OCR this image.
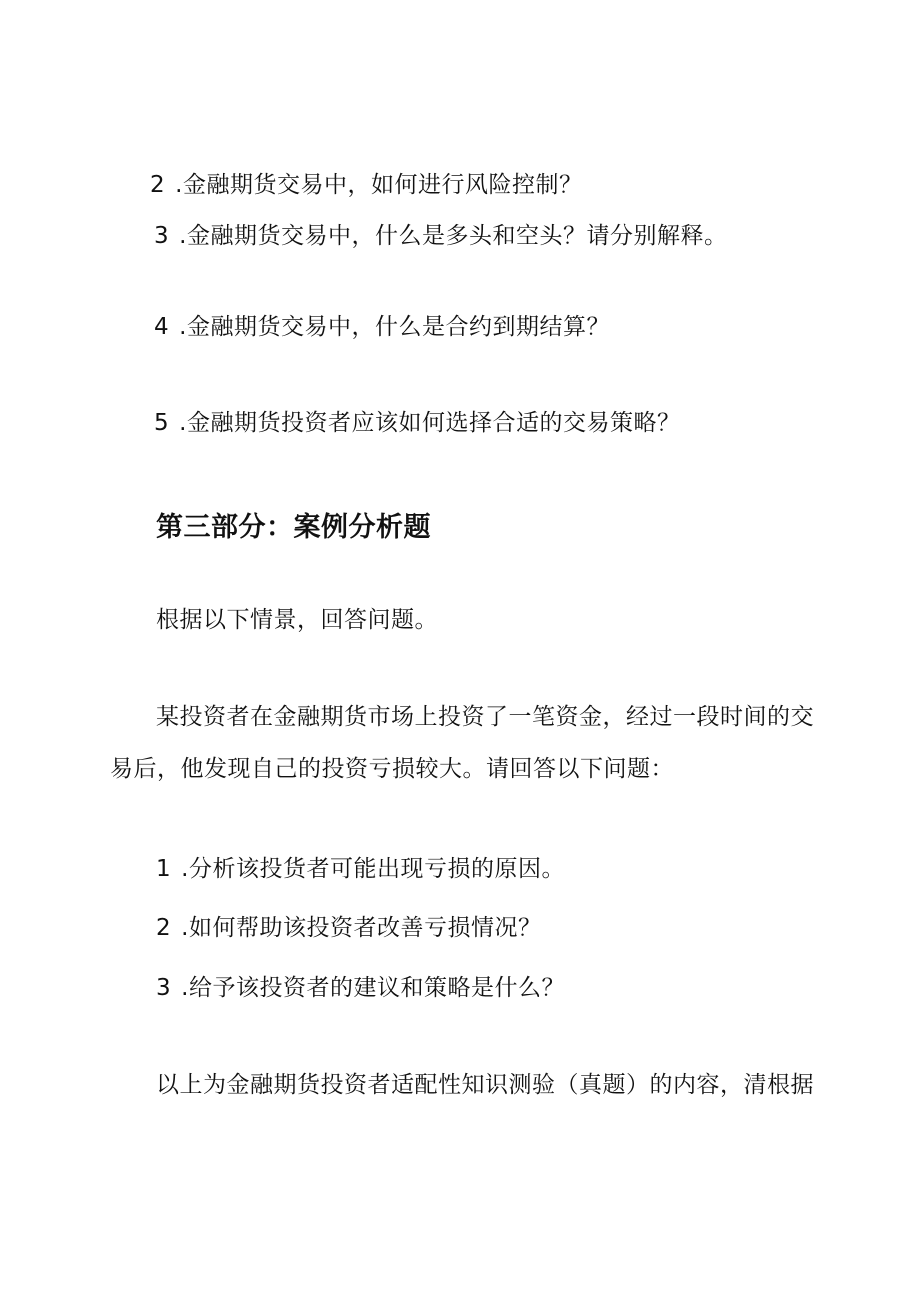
2 .金融期货交易中，如何进行风险控制？
3 .金融期货交易中，什么是多头和空头？请分别解释。
4 .金融期货交易中，什么是合约到期结算？
5 .金融期货投资者应该如何选择合适的交易策略？
第三部分：案例分析题
根据以下情景，回答问题。
某投资者在金融期货市场上投资了一笔资金，经过一段时间的交
易后，他发现自己的投资亏损较大。请回答以下问题：
1 .分析该投货者可能出现亏损的原因。
2 .如何帮助该投资者改善亏损情况？
3 .给予该投资者的建议和策略是什么？
以上为金融期货投资者适配性知识测验（真题）的内容，清根据
